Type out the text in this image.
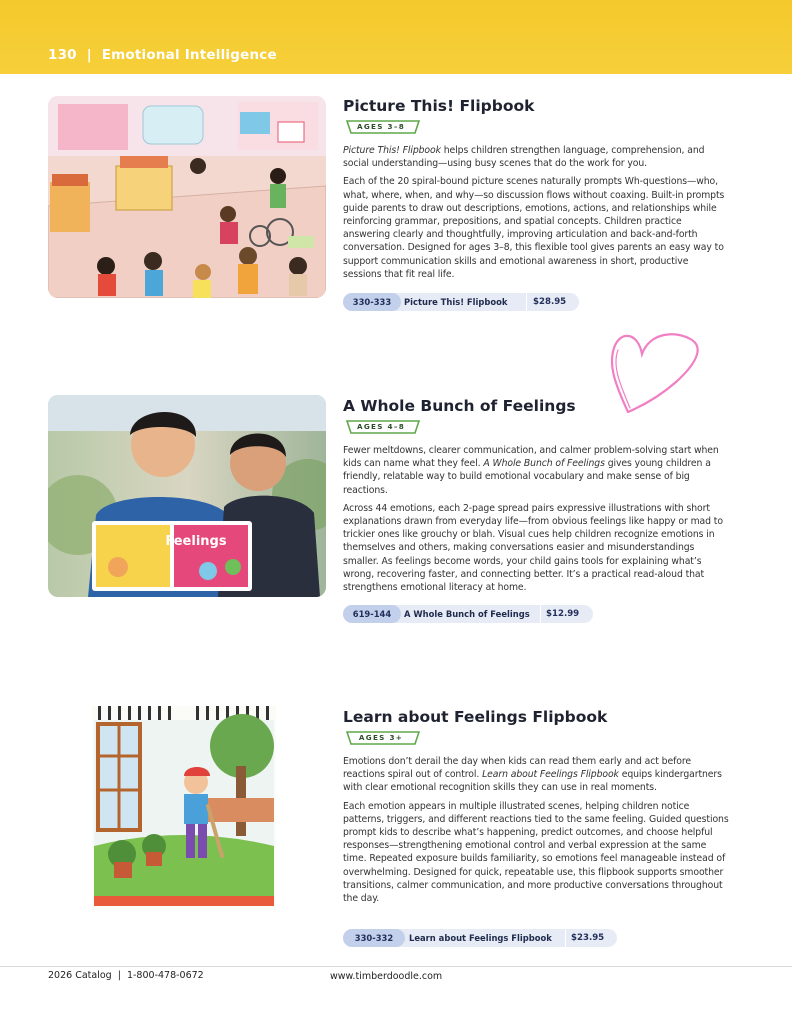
130 | Emotional Intelligence
Picture This! Flipbook
AGES 3–8

Picture This! Flipbook helps children strengthen language, comprehension, and social understanding—using busy scenes that do the work for you.

Each of the 20 spiral-bound picture scenes naturally prompts Wh-questions—who, what, where, when, and why—so discussion flows without coaxing. Built-in prompts guide parents to draw out descriptions, emotions, actions, and relationships while reinforcing grammar, prepositions, and spatial concepts. Children practice answering clearly and thoughtfully, improving articulation and back-and-forth conversation. Designed for ages 3–8, this flexible tool gives parents an easy way to support communication skills and emotional awareness in short, productive sessions that fit real life.

330-333	Picture This! Flipbook	$28.95
Feelings
A Whole Bunch of Feelings
AGES 4–8

Fewer meltdowns, clearer communication, and calmer problem-solving start when kids can name what they feel. A Whole Bunch of Feelings gives young children a friendly, relatable way to build emotional vocabulary and make sense of big reactions.

Across 44 emotions, each 2-page spread pairs expressive illustrations with short explanations drawn from everyday life—from obvious feelings like happy or mad to trickier ones like grouchy or blah. Visual cues help children recognize emotions in themselves and others, making conversations easier and misunderstandings smaller. As feelings become words, your child gains tools for explaining what’s wrong, recovering faster, and connecting better. It’s a practical read-aloud that strengthens emotional literacy at home.

619-144	A Whole Bunch of Feelings $12.99
Learn about Feelings Flipbook
AGES 3+

Emotions don’t derail the day when kids can read them early and act before reactions spiral out of control. Learn about Feelings Flipbook equips kindergartners with clear emotional recognition skills they can use in real moments.

Each emotion appears in multiple illustrated scenes, helping children notice patterns, triggers, and different reactions tied to the same feeling. Guided questions prompt kids to describe what’s happening, predict outcomes, and choose helpful responses—strengthening emotional control and verbal expression at the same time. Repeated exposure builds familiarity, so emotions feel manageable instead of overwhelming. Designed for quick, repeatable use, this flipbook supports smoother transitions, calmer communication, and more productive conversations throughout the day.

330-332	Learn about Feelings Flipbook $23.95
2026 Catalog  |  1-800-478-0672	www.timberdoodle.com
